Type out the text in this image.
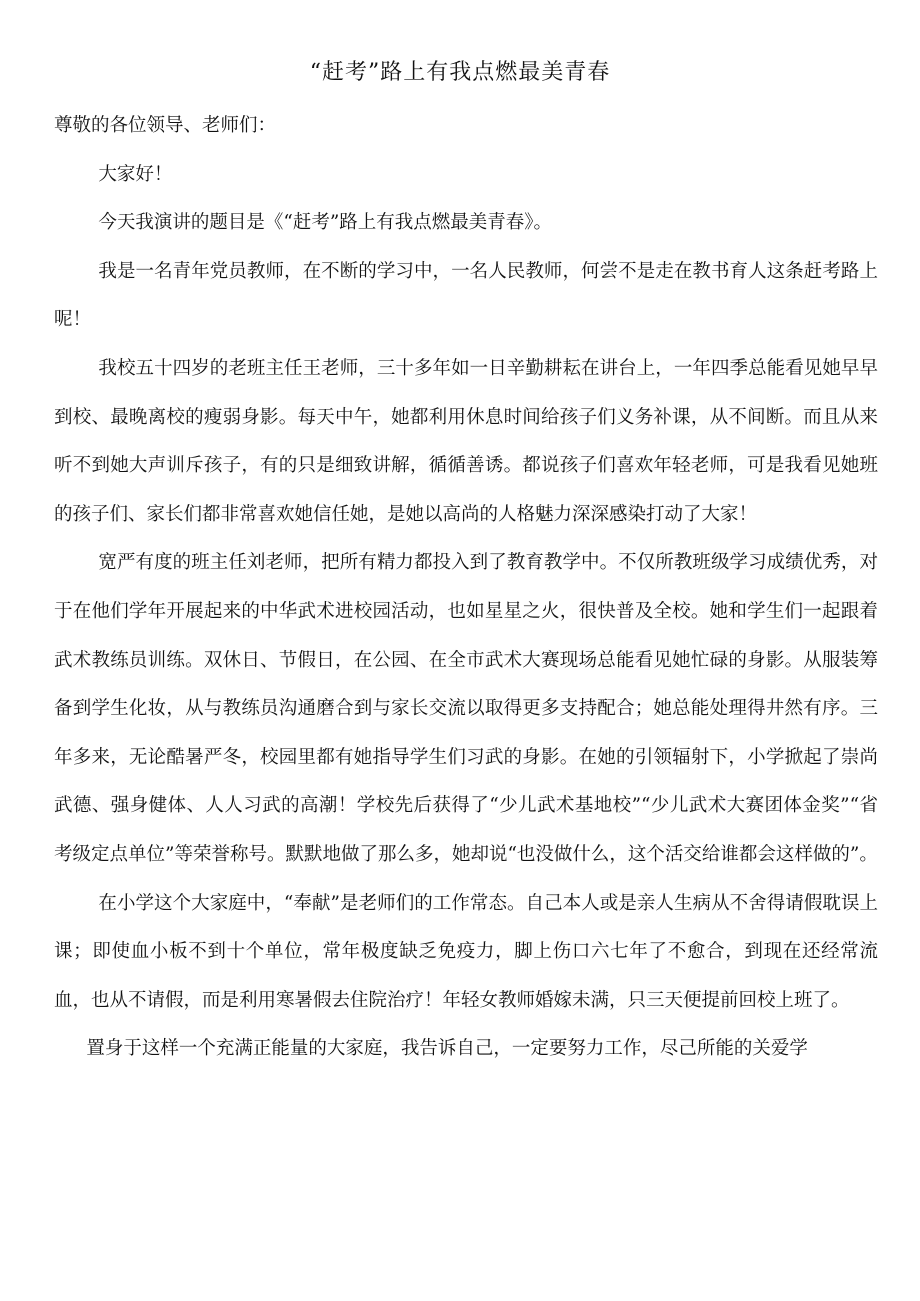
“赶考”路上有我点燃最美青春

尊敬的各位领导、老师们：

大家好！

今天我演讲的题目是《“赶考”路上有我点燃最美青春》。

我是一名青年党员教师，在不断的学习中，一名人民教师，何尝不是走在教书育人这条赶考路上呢！

我校五十四岁的老班主任王老师，三十多年如一日辛勤耕耘在讲台上，一年四季总能看见她早早到校、最晚离校的瘦弱身影。每天中午，她都利用休息时间给孩子们义务补课，从不间断。而且从来听不到她大声训斥孩子，有的只是细致讲解，循循善诱。都说孩子们喜欢年轻老师，可是我看见她班的孩子们、家长们都非常喜欢她信任她，是她以高尚的人格魅力深深感染打动了大家！

宽严有度的班主任刘老师，把所有精力都投入到了教育教学中。不仅所教班级学习成绩优秀，对于在他们学年开展起来的中华武术进校园活动，也如星星之火，很快普及全校。她和学生们一起跟着武术教练员训练。双休日、节假日，在公园、在全市武术大赛现场总能看见她忙碌的身影。从服装筹备到学生化妆，从与教练员沟通磨合到与家长交流以取得更多支持配合；她总能处理得井然有序。三年多来，无论酷暑严冬，校园里都有她指导学生们习武的身影。在她的引领辐射下，小学掀起了崇尚武德、强身健体、人人习武的高潮！学校先后获得了“少儿武术基地校”“少儿武术大赛团体金奖”“省考级定点单位”等荣誉称号。默默地做了那么多，她却说“也没做什么，这个活交给谁都会这样做的”。

在小学这个大家庭中，“奉献”是老师们的工作常态。自己本人或是亲人生病从不舍得请假耽误上课；即使血小板不到十个单位，常年极度缺乏免疫力，脚上伤口六七年了不愈合，到现在还经常流血，也从不请假，而是利用寒暑假去住院治疗！年轻女教师婚嫁未满，只三天便提前回校上班了。

置身于这样一个充满正能量的大家庭，我告诉自己，一定要努力工作，尽己所能的关爱学
